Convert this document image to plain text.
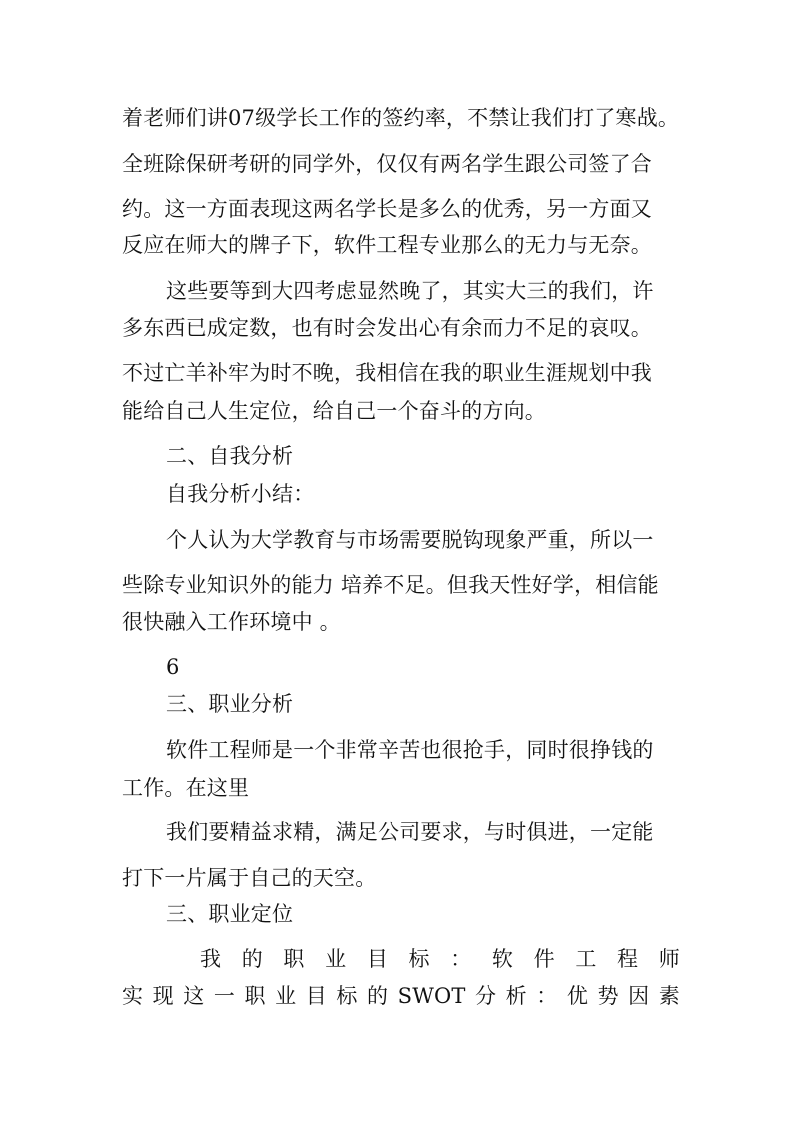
着老师们讲07级学长工作的签约率，不禁让我们打了寒战。
全班除保研考研的同学外，仅仅有两名学生跟公司签了合
约。这一方面表现这两名学长是多么的优秀，另一方面又
反应在师大的牌子下，软件工程专业那么的无力与无奈。
这些要等到大四考虑显然晚了，其实大三的我们，许
多东西已成定数，也有时会发出心有余而力不足的哀叹。
不过亡羊补牢为时不晚，我相信在我的职业生涯规划中我
能给自己人生定位，给自己一个奋斗的方向。
二、自我分析
自我分析小结：
个人认为大学教育与市场需要脱钩现象严重，所以一
些除专业知识外的能力 培养不足。但我天性好学，相信能
很快融入工作环境中 。
6
三、职业分析
软件工程师是一个非常辛苦也很抢手，同时很挣钱的
工作。在这里
我们要精益求精，满足公司要求，与时俱进，一定能
打下一片属于自己的天空。
三、职业定位
我 的 职 业 目 标 ： 软 件 工 程 师
实 现 这 一 职 业 目 标 的 SWOT 分 析 ： 优 势 因 素
